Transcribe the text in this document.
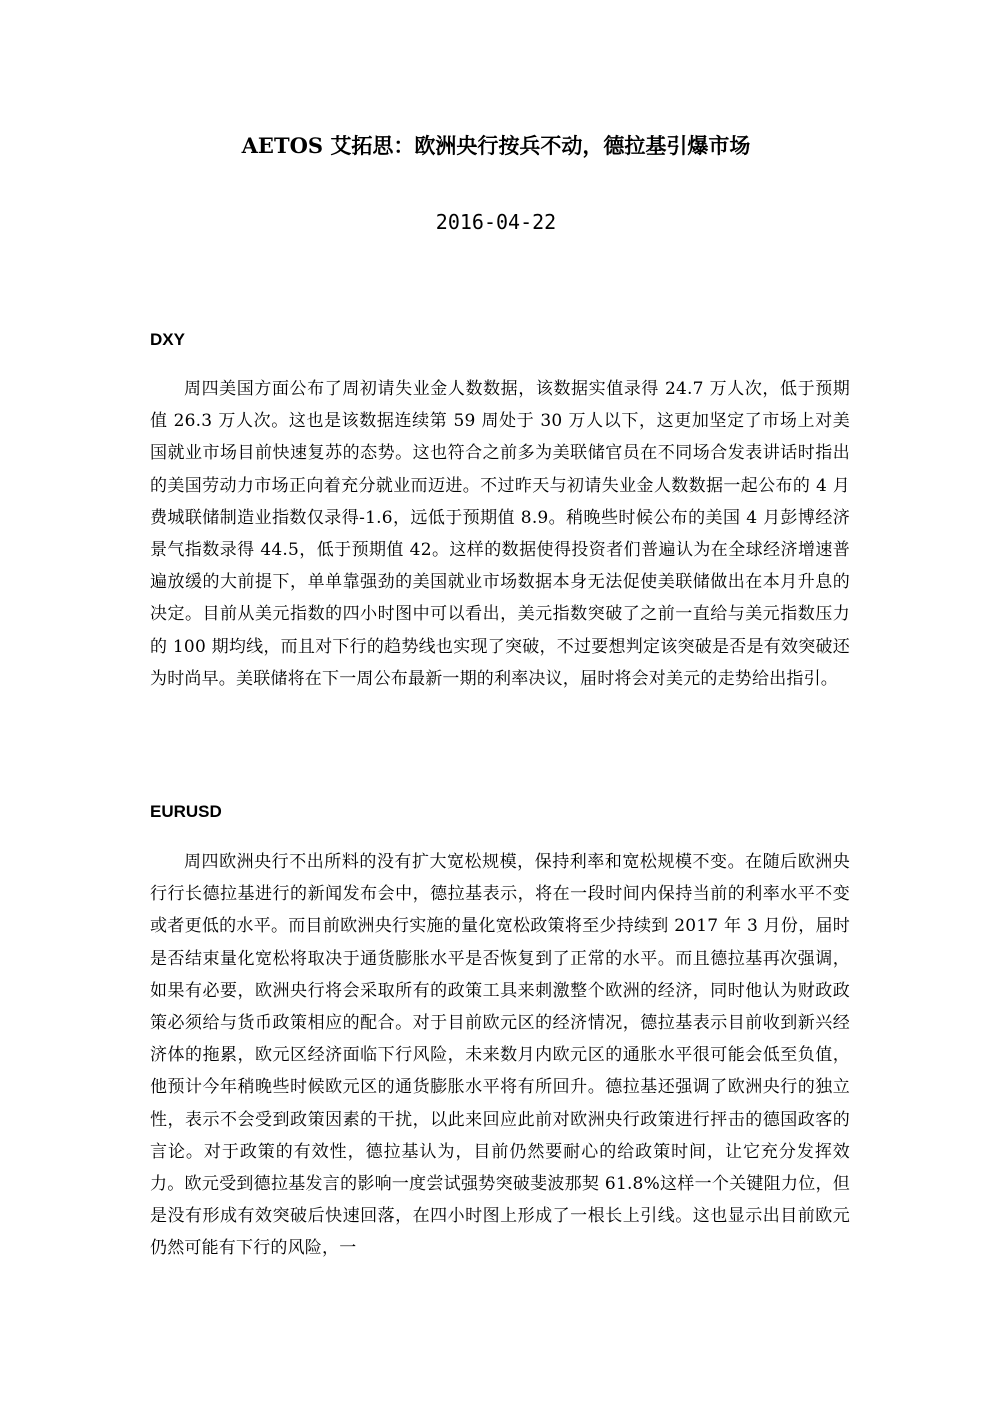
AETOS 艾拓思：欧洲央行按兵不动，德拉基引爆市场
2016-04-22
DXY

周四美国方面公布了周初请失业金人数数据，该数据实值录得 24.7 万人次，低于预期值 26.3 万人次。这也是该数据连续第 59 周处于 30 万人以下，这更加坚定了市场上对美国就业市场目前快速复苏的态势。这也符合之前多为美联储官员在不同场合发表讲话时指出的美国劳动力市场正向着充分就业而迈进。不过昨天与初请失业金人数数据一起公布的 4 月费城联储制造业指数仅录得-1.6，远低于预期值 8.9。稍晚些时候公布的美国 4 月彭博经济景气指数录得 44.5，低于预期值 42。这样的数据使得投资者们普遍认为在全球经济增速普遍放缓的大前提下，单单靠强劲的美国就业市场数据本身无法促使美联储做出在本月升息的决定。目前从美元指数的四小时图中可以看出，美元指数突破了之前一直给与美元指数压力的 100 期均线，而且对下行的趋势线也实现了突破，不过要想判定该突破是否是有效突破还为时尚早。美联储将在下一周公布最新一期的利率决议，届时将会对美元的走势给出指引。

EURUSD

周四欧洲央行不出所料的没有扩大宽松规模，保持利率和宽松规模不变。在随后欧洲央行行长德拉基进行的新闻发布会中，德拉基表示，将在一段时间内保持当前的利率水平不变或者更低的水平。而目前欧洲央行实施的量化宽松政策将至少持续到 2017 年 3 月份，届时是否结束量化宽松将取决于通货膨胀水平是否恢复到了正常的水平。而且德拉基再次强调，如果有必要，欧洲央行将会采取所有的政策工具来刺激整个欧洲的经济，同时他认为财政政策必须给与货币政策相应的配合。对于目前欧元区的经济情况，德拉基表示目前收到新兴经济体的拖累，欧元区经济面临下行风险，未来数月内欧元区的通胀水平很可能会低至负值，他预计今年稍晚些时候欧元区的通货膨胀水平将有所回升。德拉基还强调了欧洲央行的独立性，表示不会受到政策因素的干扰，以此来回应此前对欧洲央行政策进行抨击的德国政客的言论。对于政策的有效性，德拉基认为，目前仍然要耐心的给政策时间，让它充分发挥效力。欧元受到德拉基发言的影响一度尝试强势突破斐波那契 61.8%这样一个关键阻力位，但是没有形成有效突破后快速回落，在四小时图上形成了一根长上引线。这也显示出目前欧元仍然可能有下行的风险，一
